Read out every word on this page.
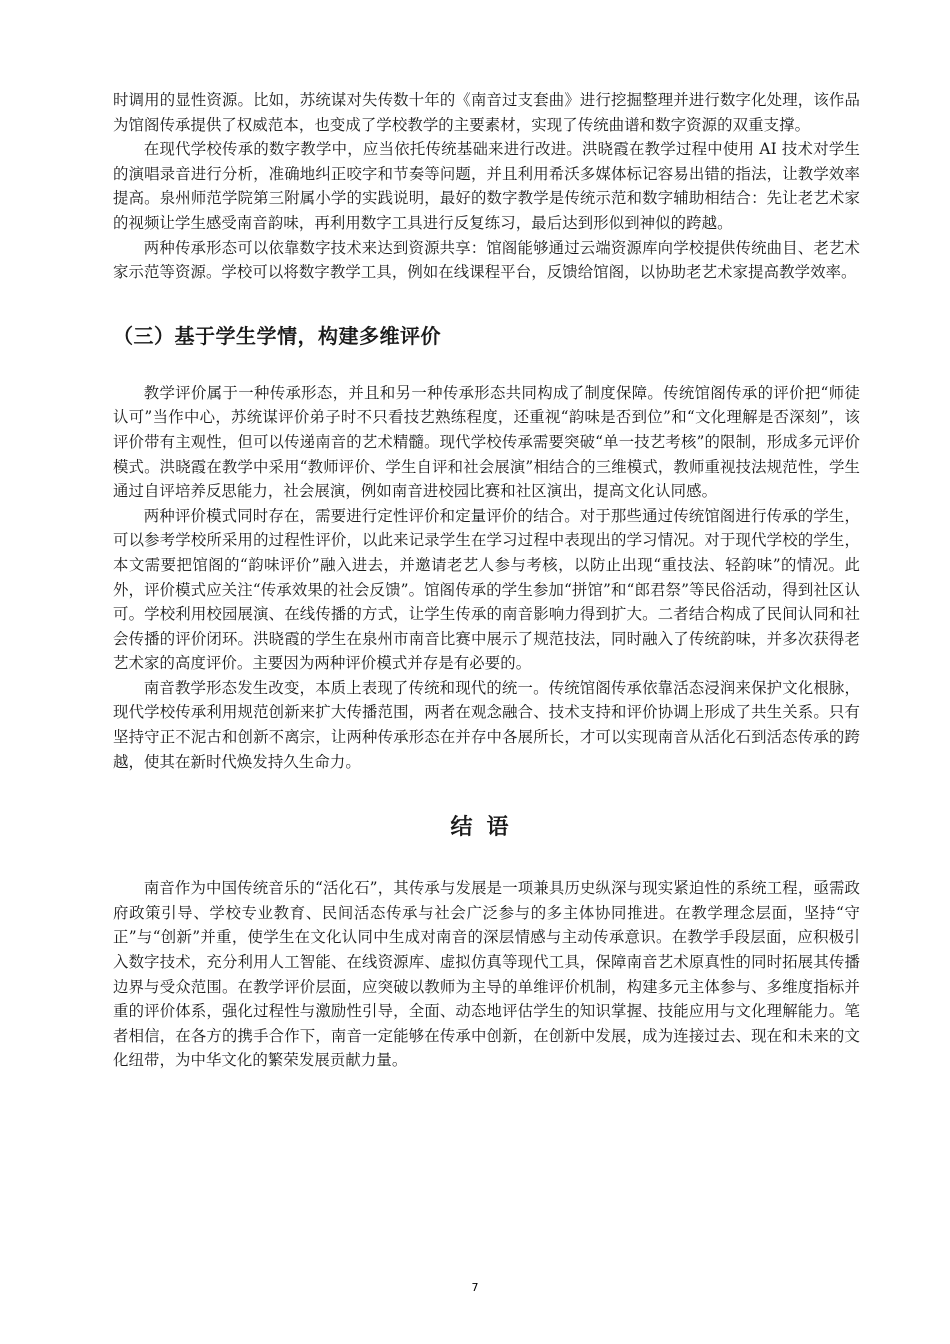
时调用的显性资源。比如，苏统谋对失传数十年的《南音过支套曲》进行挖掘整理并进行数字化处理，该作品为馆阁传承提供了权威范本，也变成了学校教学的主要素材，实现了传统曲谱和数字资源的双重支撑。

在现代学校传承的数字教学中，应当依托传统基础来进行改进。洪晓霞在教学过程中使用 AI 技术对学生的演唱录音进行分析，准确地纠正咬字和节奏等问题，并且利用希沃多媒体标记容易出错的指法，让教学效率提高。泉州师范学院第三附属小学的实践说明，最好的数字教学是传统示范和数字辅助相结合：先让老艺术家的视频让学生感受南音韵味，再利用数字工具进行反复练习，最后达到形似到神似的跨越。

两种传承形态可以依靠数字技术来达到资源共享：馆阁能够通过云端资源库向学校提供传统曲目、老艺术家示范等资源。学校可以将数字教学工具，例如在线课程平台，反馈给馆阁，以协助老艺术家提高教学效率。

（三）基于学生学情，构建多维评价

教学评价属于一种传承形态，并且和另一种传承形态共同构成了制度保障。传统馆阁传承的评价把“师徒认可”当作中心，苏统谋评价弟子时不只看技艺熟练程度，还重视“韵味是否到位”和“文化理解是否深刻”，该评价带有主观性，但可以传递南音的艺术精髓。现代学校传承需要突破“单一技艺考核”的限制，形成多元评价模式。洪晓霞在教学中采用“教师评价、学生自评和社会展演”相结合的三维模式，教师重视技法规范性，学生通过自评培养反思能力，社会展演，例如南音进校园比赛和社区演出，提高文化认同感。

两种评价模式同时存在，需要进行定性评价和定量评价的结合。对于那些通过传统馆阁进行传承的学生，可以参考学校所采用的过程性评价，以此来记录学生在学习过程中表现出的学习情况。对于现代学校的学生，本文需要把馆阁的“韵味评价”融入进去，并邀请老艺人参与考核，以防止出现“重技法、轻韵味”的情况。此外，评价模式应关注“传承效果的社会反馈”。馆阁传承的学生参加“拼馆”和“郎君祭”等民俗活动，得到社区认可。学校利用校园展演、在线传播的方式，让学生传承的南音影响力得到扩大。二者结合构成了民间认同和社会传播的评价闭环。洪晓霞的学生在泉州市南音比赛中展示了规范技法，同时融入了传统韵味，并多次获得老艺术家的高度评价。主要因为两种评价模式并存是有必要的。

南音教学形态发生改变，本质上表现了传统和现代的统一。传统馆阁传承依靠活态浸润来保护文化根脉，现代学校传承利用规范创新来扩大传播范围，两者在观念融合、技术支持和评价协调上形成了共生关系。只有坚持守正不泥古和创新不离宗，让两种传承形态在并存中各展所长，才可以实现南音从活化石到活态传承的跨越，使其在新时代焕发持久生命力。

结语

南音作为中国传统音乐的“活化石”，其传承与发展是一项兼具历史纵深与现实紧迫性的系统工程，亟需政府政策引导、学校专业教育、民间活态传承与社会广泛参与的多主体协同推进。在教学理念层面，坚持“守正”与“创新”并重，使学生在文化认同中生成对南音的深层情感与主动传承意识。在教学手段层面，应积极引入数字技术，充分利用人工智能、在线资源库、虚拟仿真等现代工具，保障南音艺术原真性的同时拓展其传播边界与受众范围。在教学评价层面，应突破以教师为主导的单维评价机制，构建多元主体参与、多维度指标并重的评价体系，强化过程性与激励性引导，全面、动态地评估学生的知识掌握、技能应用与文化理解能力。笔者相信，在各方的携手合作下，南音一定能够在传承中创新，在创新中发展，成为连接过去、现在和未来的文化纽带，为中华文化的繁荣发展贡献力量。

7
